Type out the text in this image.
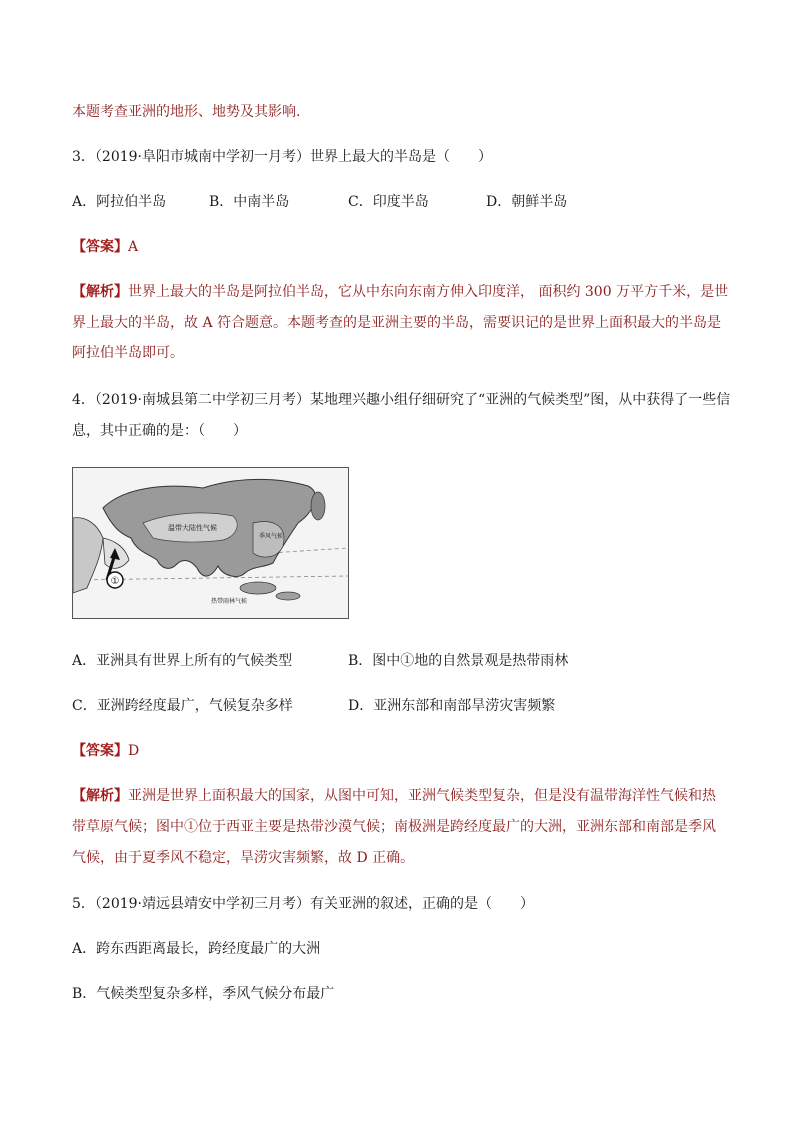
本题考查亚洲的地形、地势及其影响.
3．（2019·阜阳市城南中学初一月考）世界上最大的半岛是（　　）
A．阿拉伯半岛	B．中南半岛	C．印度半岛	D．朝鲜半岛
【答案】A
【解析】世界上最大的半岛是阿拉伯半岛，它从中东向东南方伸入印度洋， 面积约 300 万平方千米，是世
界上最大的半岛，故 A 符合题意。本题考查的是亚洲主要的半岛，需要识记的是世界上面积最大的半岛是
阿拉伯半岛即可。
4．（2019·南城县第二中学初三月考）某地理兴趣小组仔细研究了“亚洲的气候类型”图，从中获得了一些信
息，其中正确的是：（　　）
①
温带大陆性气候
季风气候
热带雨林气候
A．亚洲具有世界上所有的气候类型	B．图中①地的自然景观是热带雨林
C．亚洲跨经度最广，气候复杂多样	D．亚洲东部和南部旱涝灾害频繁
【答案】D
【解析】亚洲是世界上面积最大的国家，从图中可知，亚洲气候类型复杂，但是没有温带海洋性气候和热
带草原气候；图中①位于西亚主要是热带沙漠气候；南极洲是跨经度最广的大洲，亚洲东部和南部是季风
气候，由于夏季风不稳定，旱涝灾害频繁，故 D 正确。
5．（2019·靖远县靖安中学初三月考）有关亚洲的叙述，正确的是（　　）
A．跨东西距离最长，跨经度最广的大洲
B．气候类型复杂多样，季风气候分布最广
